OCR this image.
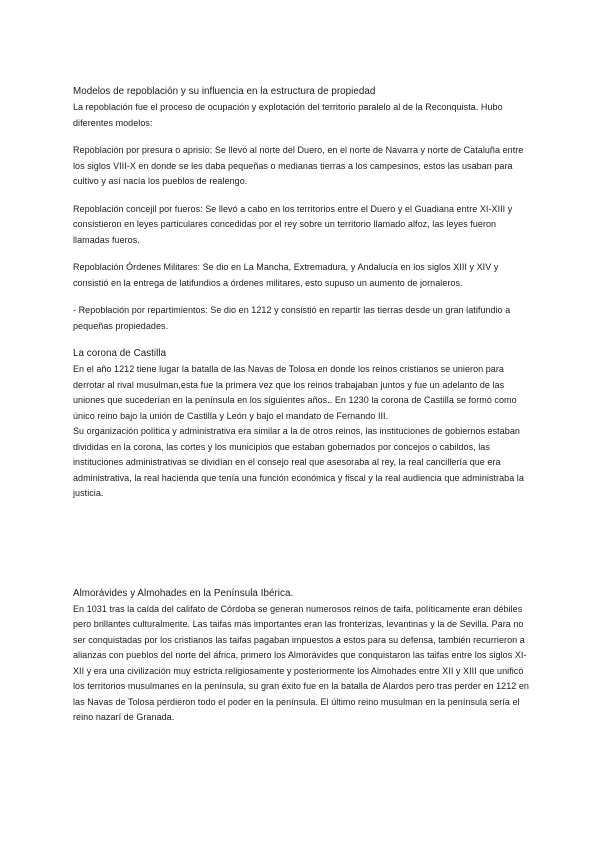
Modelos de repoblación y su influencia en la estructura de propiedad

La repoblación fue el proceso de ocupación y explotación del territorio paralelo al de la Reconquista. Hubo diferentes modelos:

Repoblación por presura o aprisio: Se llevó al norte del Duero, en el norte de Navarra y norte de Cataluña entre los siglos VIII-X en donde se les daba pequeñas o medianas tierras a los campesinos, estos las usaban para cultivo y así nacía los pueblos de realengo.

Repoblación concejil por fueros: Se llevó a cabo en los territorios entre el Duero y el Guadiana entre XI-XIII y consistieron en leyes particulares concedidas por el rey sobre un territorio llamado alfoz, las leyes fueron llamadas fueros.

Repoblación Órdenes Militares: Se dio en La Mancha, Extremadura, y Andalucía en los siglos XIII y XIV y consistió en la entrega de latifundios a órdenes militares, esto supuso un aumento de jornaleros.

- Repoblación por repartimientos: Se dio en 1212 y consistió en repartir las tierras desde un gran latifundio a pequeñas propiedades.

La corona de Castilla

En el año 1212 tiene lugar la batalla de las Navas de Tolosa en donde los reinos cristianos se unieron para derrotar al rival musulman,esta fue la primera vez que los reinos trabajaban juntos y fue un adelanto de las uniones que sucederían en la península en los siguientes años.. En 1230 la corona de Castilla se formó como único reino bajo la unión de Castilla y León y bajo el mandato de Fernando III.

Su organización política y administrativa era similar a la de otros reinos, las instituciones de gobiernos estaban divididas en la corona, las cortes y los municipios que estaban gobernados por concejos o cabildos, las instituciones administrativas se dividían en el consejo real que asesoraba al rey, la real cancillería que era administrativa, la real hacienda que tenía una función económica y fiscal y la real audiencia que administraba la justicia.

Almorávides y Almohades en la Península Ibérica.

En 1031 tras la caída del califato de Córdoba se generan numerosos reinos de taifa, políticamente eran débiles pero brillantes culturalmente. Las taifas más importantes eran las fronterizas, levantinas y la de Sevilla. Para no ser conquistadas por los cristianos las taifas pagaban impuestos a estos para su defensa, también recurrieron a alianzas con pueblos del norte del áfrica, primero los Almorávides que conquistaron las taifas entre los siglos XI-XII y era una civilización muy estricta religiosamente y posteriormente los Almohades entre XII y XIII que unificó los territorios musulmanes en la península, su gran éxito fue en la batalla de Alardos pero tras perder en 1212 en las Navas de Tolosa perdieron todo el poder en la península. El último reino musulman en la península sería el reino nazarí de Granada.
